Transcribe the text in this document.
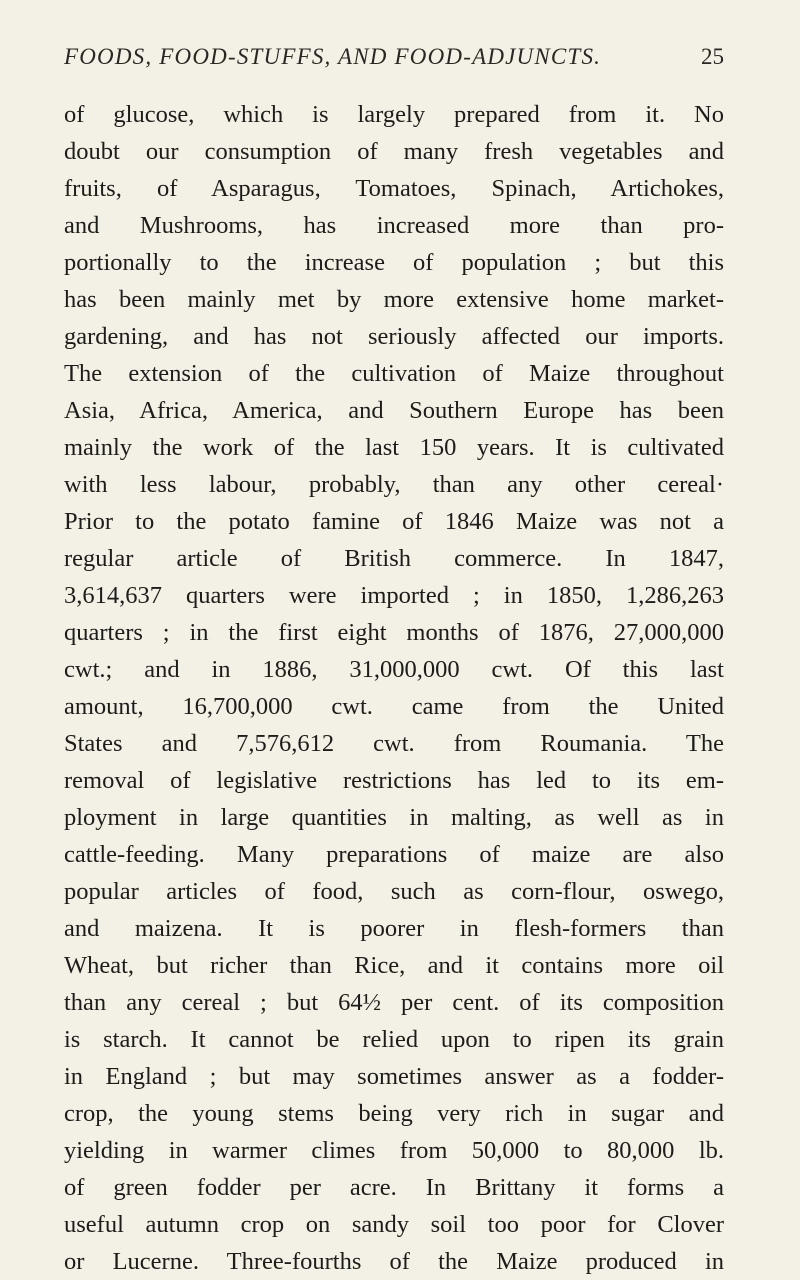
FOODS, FOOD-STUFFS, AND FOOD-ADJUNCTS.	25
of glucose, which is largely prepared from it. No
doubt our consumption of many fresh vegetables and
fruits, of Asparagus, Tomatoes, Spinach, Artichokes,
and Mushrooms, has increased more than pro-
portionally to the increase of population ; but this
has been mainly met by more extensive home market-
gardening, and has not seriously affected our imports.
The extension of the cultivation of Maize throughout
Asia, Africa, America, and Southern Europe has been
mainly the work of the last 150 years. It is cultivated
with less labour, probably, than any other cereal·
Prior to the potato famine of 1846 Maize was not a
regular article of British commerce. In 1847,
3,614,637 quarters were imported ; in 1850, 1,286,263
quarters ; in the first eight months of 1876, 27,000,000
cwt.; and in 1886, 31,000,000 cwt. Of this last
amount, 16,700,000 cwt. came from the United
States and 7,576,612 cwt. from Roumania. The
removal of legislative restrictions has led to its em-
ployment in large quantities in malting, as well as in
cattle-feeding. Many preparations of maize are also
popular articles of food, such as corn-flour, oswego,
and maizena. It is poorer in flesh-formers than
Wheat, but richer than Rice, and it contains more oil
than any cereal ; but 64½ per cent. of its composition
is starch. It cannot be relied upon to ripen its grain
in England ; but may sometimes answer as a fodder-
crop, the young stems being very rich in sugar and
yielding in warmer climes from 50,000 to 80,000 lb.
of green fodder per acre. In Brittany it forms a
useful autumn crop on sandy soil too poor for Clover
or Lucerne. Three-fourths of the Maize produced in
